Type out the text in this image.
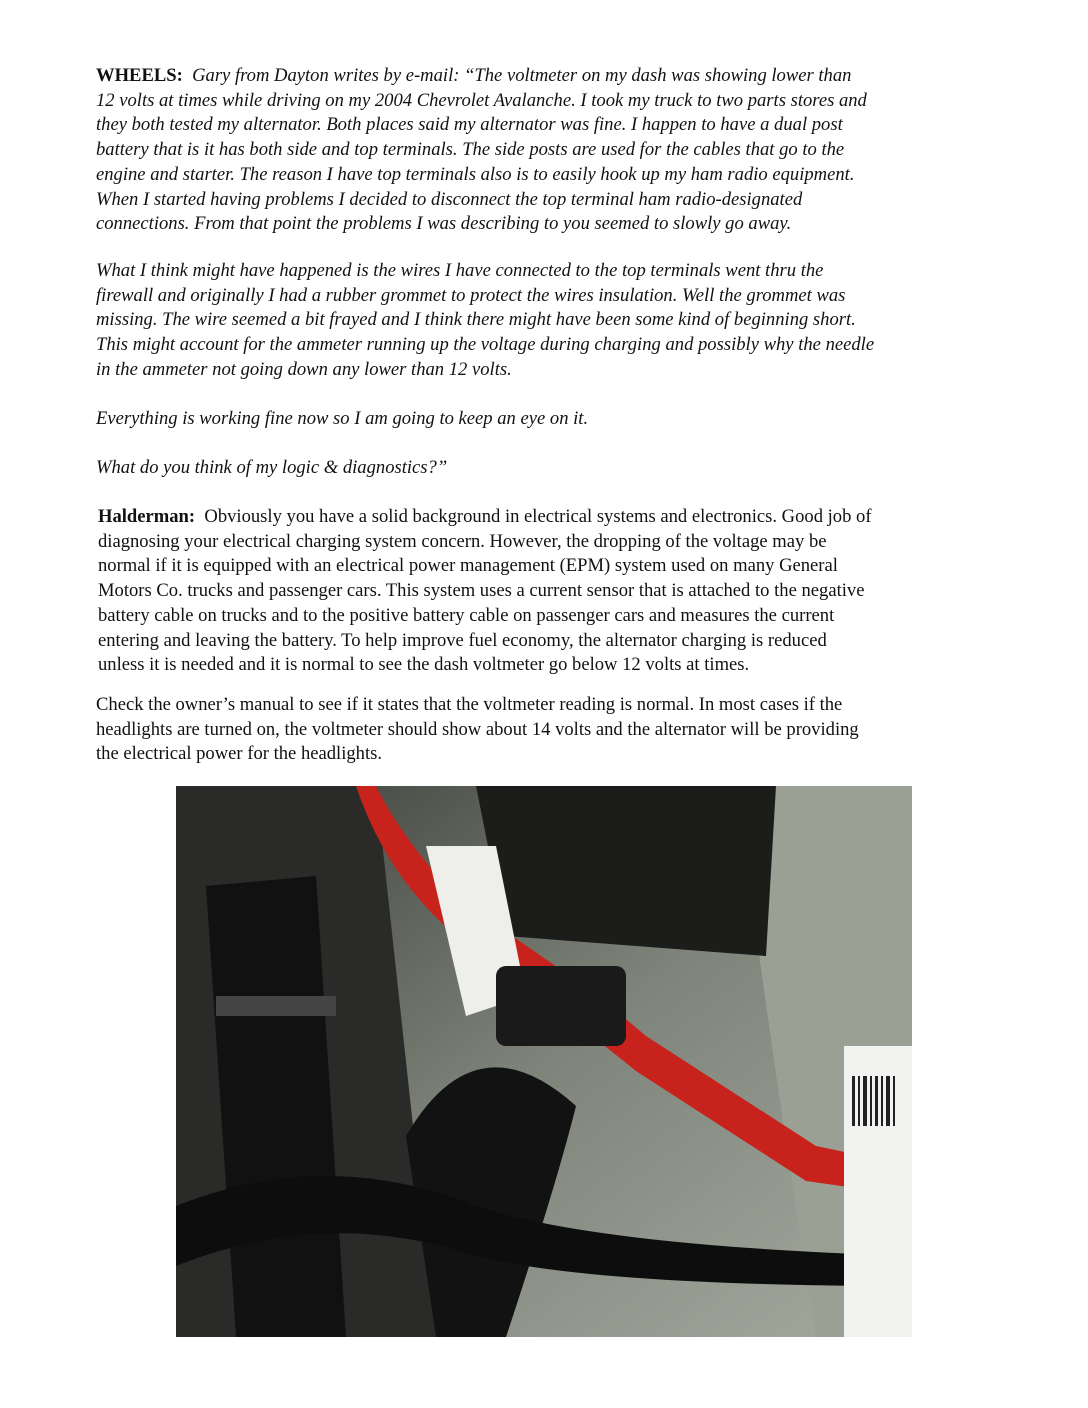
WHEELS: Gary from Dayton writes by e-mail: “The voltmeter on my dash was showing lower than
12 volts at times while driving on my 2004 Chevrolet Avalanche. I took my truck to two parts stores and
they both tested my alternator. Both places said my alternator was fine. I happen to have a dual post
battery that is it has both side and top terminals. The side posts are used for the cables that go to the
engine and starter. The reason I have top terminals also is to easily hook up my ham radio equipment.
When I started having problems I decided to disconnect the top terminal ham radio-designated
connections. From that point the problems I was describing to you seemed to slowly go away.
What I think might have happened is the wires I have connected to the top terminals went thru the
firewall and originally I had a rubber grommet to protect the wires insulation. Well the grommet was
missing. The wire seemed a bit frayed and I think there might have been some kind of beginning short.
This might account for the ammeter running up the voltage during charging and possibly why the needle
in the ammeter not going down any lower than 12 volts.
Everything is working fine now so I am going to keep an eye on it.
What do you think of my logic & diagnostics?”
Halderman: Obviously you have a solid background in electrical systems and electronics. Good job of
diagnosing your electrical charging system concern. However, the dropping of the voltage may be
normal if it is equipped with an electrical power management (EPM) system used on many General
Motors Co. trucks and passenger cars. This system uses a current sensor that is attached to the negative
battery cable on trucks and to the positive battery cable on passenger cars and measures the current
entering and leaving the battery. To help improve fuel economy, the alternator charging is reduced
unless it is needed and it is normal to see the dash voltmeter go below 12 volts at times.
Check the owner’s manual to see if it states that the voltmeter reading is normal. In most cases if the
headlights are turned on, the voltmeter should show about 14 volts and the alternator will be providing
the electrical power for the headlights.
